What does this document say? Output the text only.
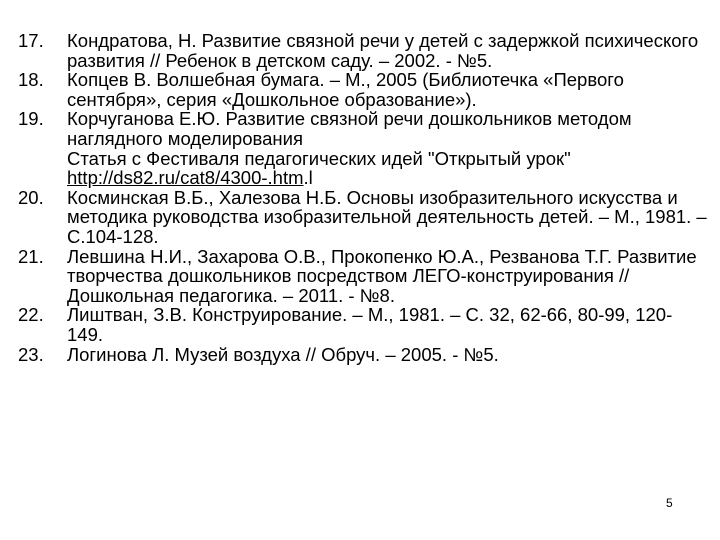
17.	Кондратова, Н. Развитие связной речи у детей с задержкой психического развития // Ребенок в детском саду. – 2002. - №5.
18.	Копцев В. Волшебная бумага. – М., 2005 (Библиотечка «Первого сентября», серия «Дошкольное образование»).
19.	Корчуганова Е.Ю. Развитие связной речи дошкольников методом наглядного моделирования
Статья с Фестиваля педагогических идей "Открытый урок"
http://ds82.ru/cat8/4300-.htm.l
20.	Косминская В.Б., Халезова Н.Б. Основы изобразительного искусства и методика руководства изобразительной деятельность детей. – М., 1981. – С.104-128.
21.	Левшина Н.И., Захарова О.В., Прокопенко Ю.А., Резванова Т.Г. Развитие творчества дошкольников посредством ЛЕГО-конструирования //Дошкольная педагогика. – 2011. - №8.
22.	Лиштван, З.В. Конструирование. – М., 1981. – С. 32, 62-66, 80-99, 120-149.
23.	Логинова Л. Музей воздуха // Обруч. – 2005. - №5.
5
